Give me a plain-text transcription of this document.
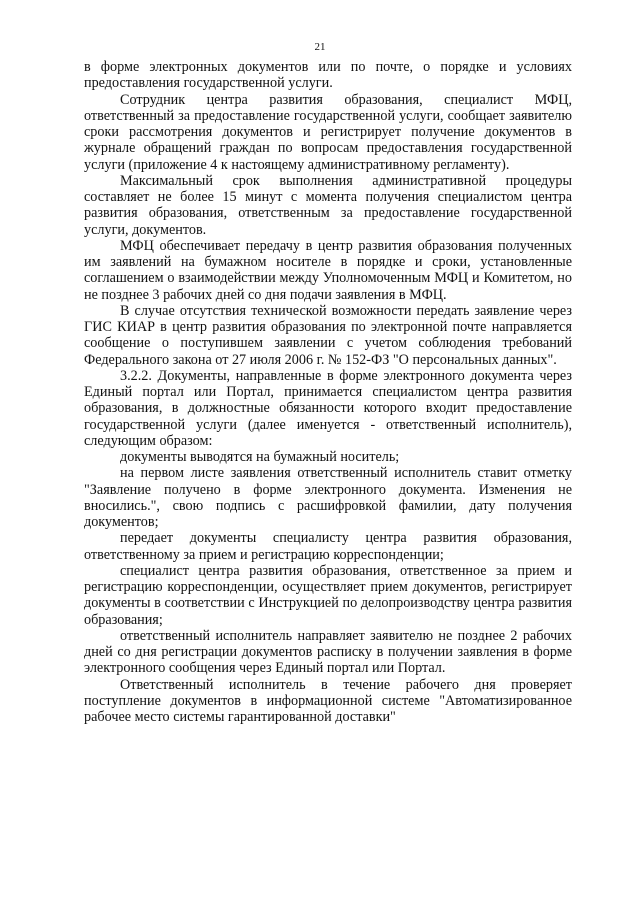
21

в форме электронных документов или по почте, о порядке и условиях предоставления государственной услуги.

Сотрудник центра развития образования, специалист МФЦ, ответственный за предоставление государственной услуги, сообщает заявителю сроки рассмотрения документов и регистрирует получение документов в журнале обращений граждан по вопросам предоставления государственной услуги (приложение 4 к настоящему административному регламенту).

Максимальный срок выполнения административной процедуры составляет не более 15 минут с момента получения специалистом центра развития образования, ответственным за предоставление государственной услуги, документов.

МФЦ обеспечивает передачу в центр развития образования полученных им заявлений на бумажном носителе в порядке и сроки, установленные соглашением о взаимодействии между Уполномоченным МФЦ и Комитетом, но не позднее 3 рабочих дней со дня подачи заявления в МФЦ.

В случае отсутствия технической возможности передать заявление через ГИС КИАР в центр развития образования по электронной почте направляется сообщение о поступившем заявлении с учетом соблюдения требований Федерального закона от 27 июля 2006 г. № 152-ФЗ "О персональных данных".

3.2.2. Документы, направленные в форме электронного документа через Единый портал или Портал, принимается специалистом центра развития образования, в должностные обязанности которого входит предоставление государственной услуги (далее именуется - ответственный исполнитель), следующим образом:

документы выводятся на бумажный носитель;

на первом листе заявления ответственный исполнитель ставит отметку "Заявление получено в форме электронного документа. Изменения не вносились.", свою подпись с расшифровкой фамилии, дату получения документов;

передает документы специалисту центра развития образования, ответственному за прием и регистрацию корреспонденции;

специалист центра развития образования, ответственное за прием и регистрацию корреспонденции, осуществляет прием документов, регистрирует документы в соответствии с Инструкцией по делопроизводству центра развития образования;

ответственный исполнитель направляет заявителю не позднее 2 рабочих дней со дня регистрации документов расписку в получении заявления в форме электронного сообщения через Единый портал или Портал.

Ответственный исполнитель в течение рабочего дня проверяет поступление документов в информационной системе "Автоматизированное рабочее место системы гарантированной доставки"
